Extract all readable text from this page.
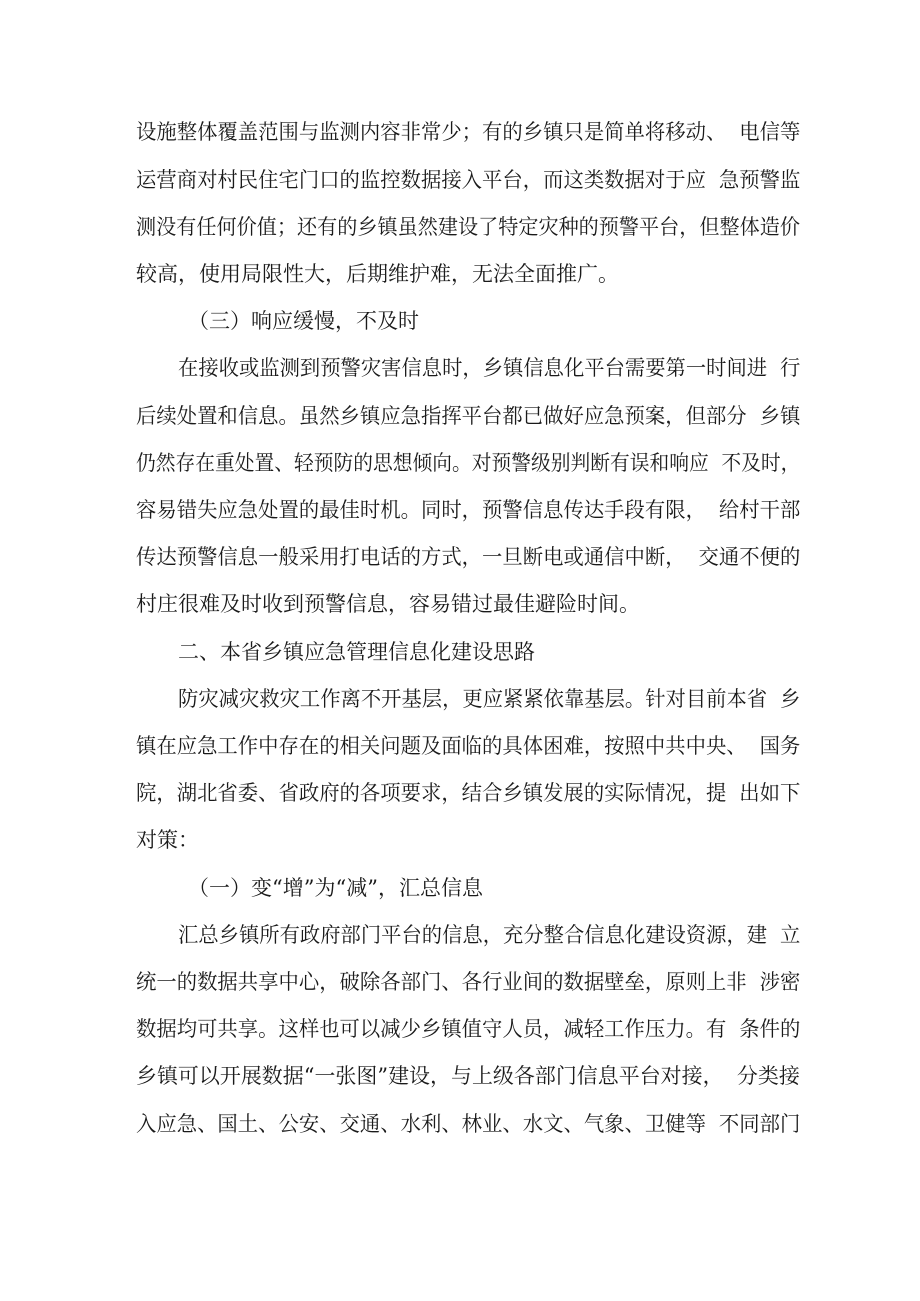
设施整体覆盖范围与监测内容非常少；有的乡镇只是简单将移动、  电信等

运营商对村民住宅门口的监控数据接入平台，而这类数据对于应  急预警监

测没有任何价值；还有的乡镇虽然建设了特定灾种的预警平台，但整体造价

较高，使用局限性大，后期维护难，无法全面推广。

（三）响应缓慢，不及时

在接收或监测到预警灾害信息时，乡镇信息化平台需要第一时间进  行

后续处置和信息。虽然乡镇应急指挥平台都已做好应急预案，但部分  乡镇

仍然存在重处置、轻预防的思想倾向。对预警级别判断有误和响应  不及时，

容易错失应急处置的最佳时机。同时，预警信息传达手段有限，  给村干部

传达预警信息一般采用打电话的方式，一旦断电或通信中断，  交通不便的

村庄很难及时收到预警信息，容易错过最佳避险时间。

二、本省乡镇应急管理信息化建设思路

防灾减灾救灾工作离不开基层，更应紧紧依靠基层。针对目前本省  乡

镇在应急工作中存在的相关问题及面临的具体困难，按照中共中央、  国务

院，湖北省委、省政府的各项要求，结合乡镇发展的实际情况，提  出如下

对策：

（一）变“增”为“减”，汇总信息

汇总乡镇所有政府部门平台的信息，充分整合信息化建设资源，建  立

统一的数据共享中心，破除各部门、各行业间的数据壁垒，原则上非  涉密

数据均可共享。这样也可以减少乡镇值守人员，减轻工作压力。有  条件的

乡镇可以开展数据“一张图”建设，与上级各部门信息平台对接，  分类接

入应急、国土、公安、交通、水利、林业、水文、气象、卫健等  不同部门
